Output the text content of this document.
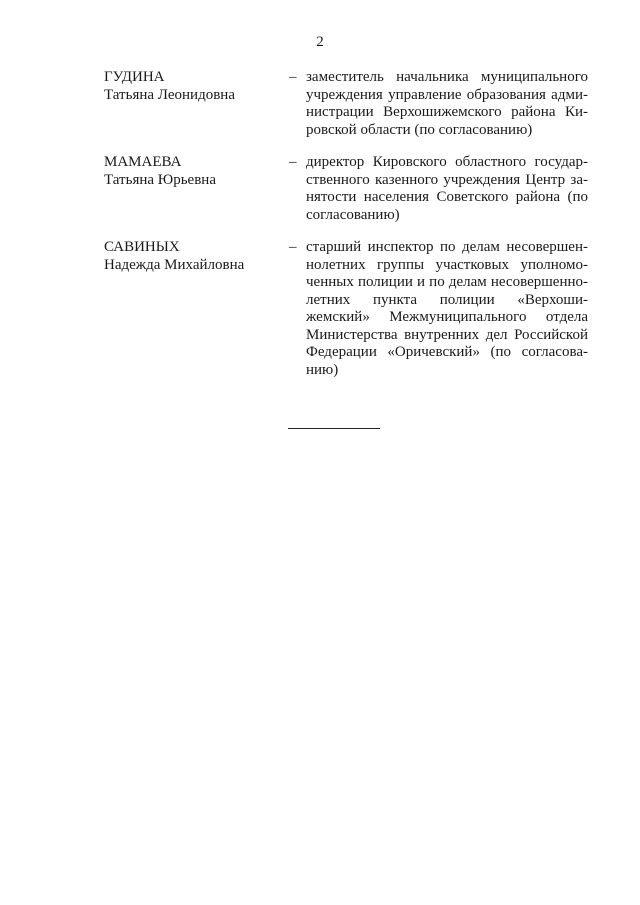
2
ГУДИНА
Татьяна Леонидовна
– заместитель начальника муниципального
учреждения управление образования адми-
нистрации Верхошижемского района Ки-
ровской области (по согласованию)
МАМАЕВА
Татьяна Юрьевна
– директор Кировского областного государ-
ственного казенного учреждения Центр за-
нятости населения Советского района (по
согласованию)
САВИНЫХ
Надежда Михайловна
– старший инспектор по делам несовершен-
нолетних группы участковых уполномо-
ченных полиции и по делам несовершенно-
летних пункта полиции «Верхоши-
жемский» Межмуниципального отдела
Министерства внутренних дел Российской
Федерации «Оричевский» (по согласова-
нию)
